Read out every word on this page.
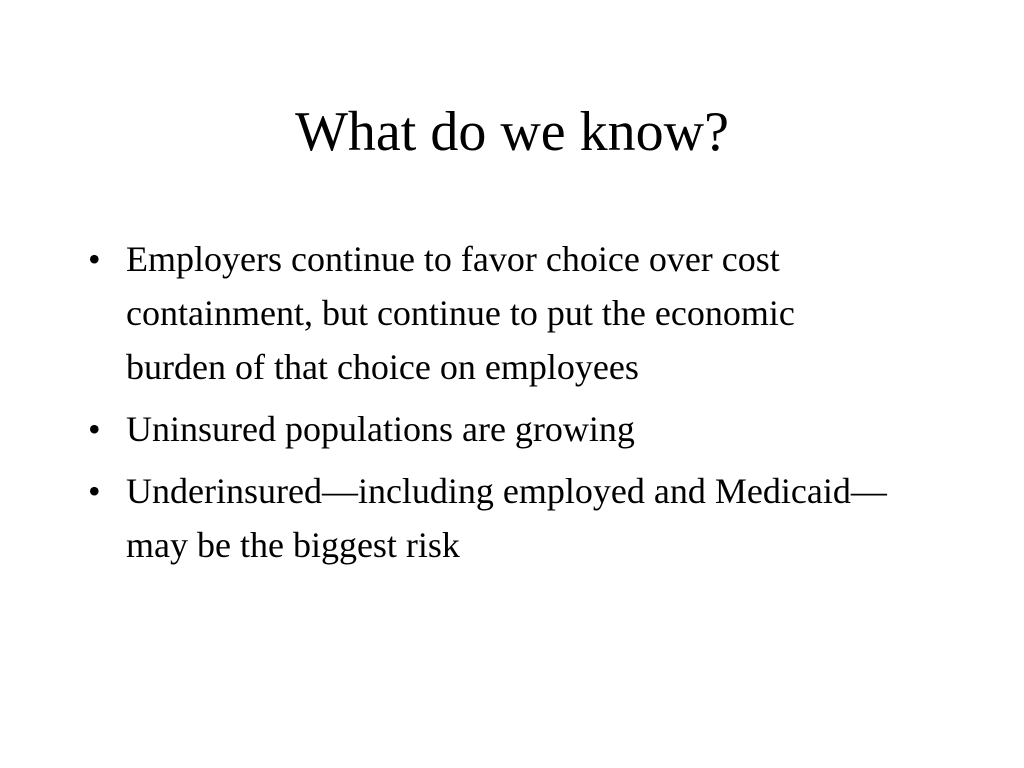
What do we know?
• Employers continue to favor choice over cost containment, but continue to put the economic burden of that choice on employees
• Uninsured populations are growing
• Underinsured—including employed and Medicaid—may be the biggest risk
